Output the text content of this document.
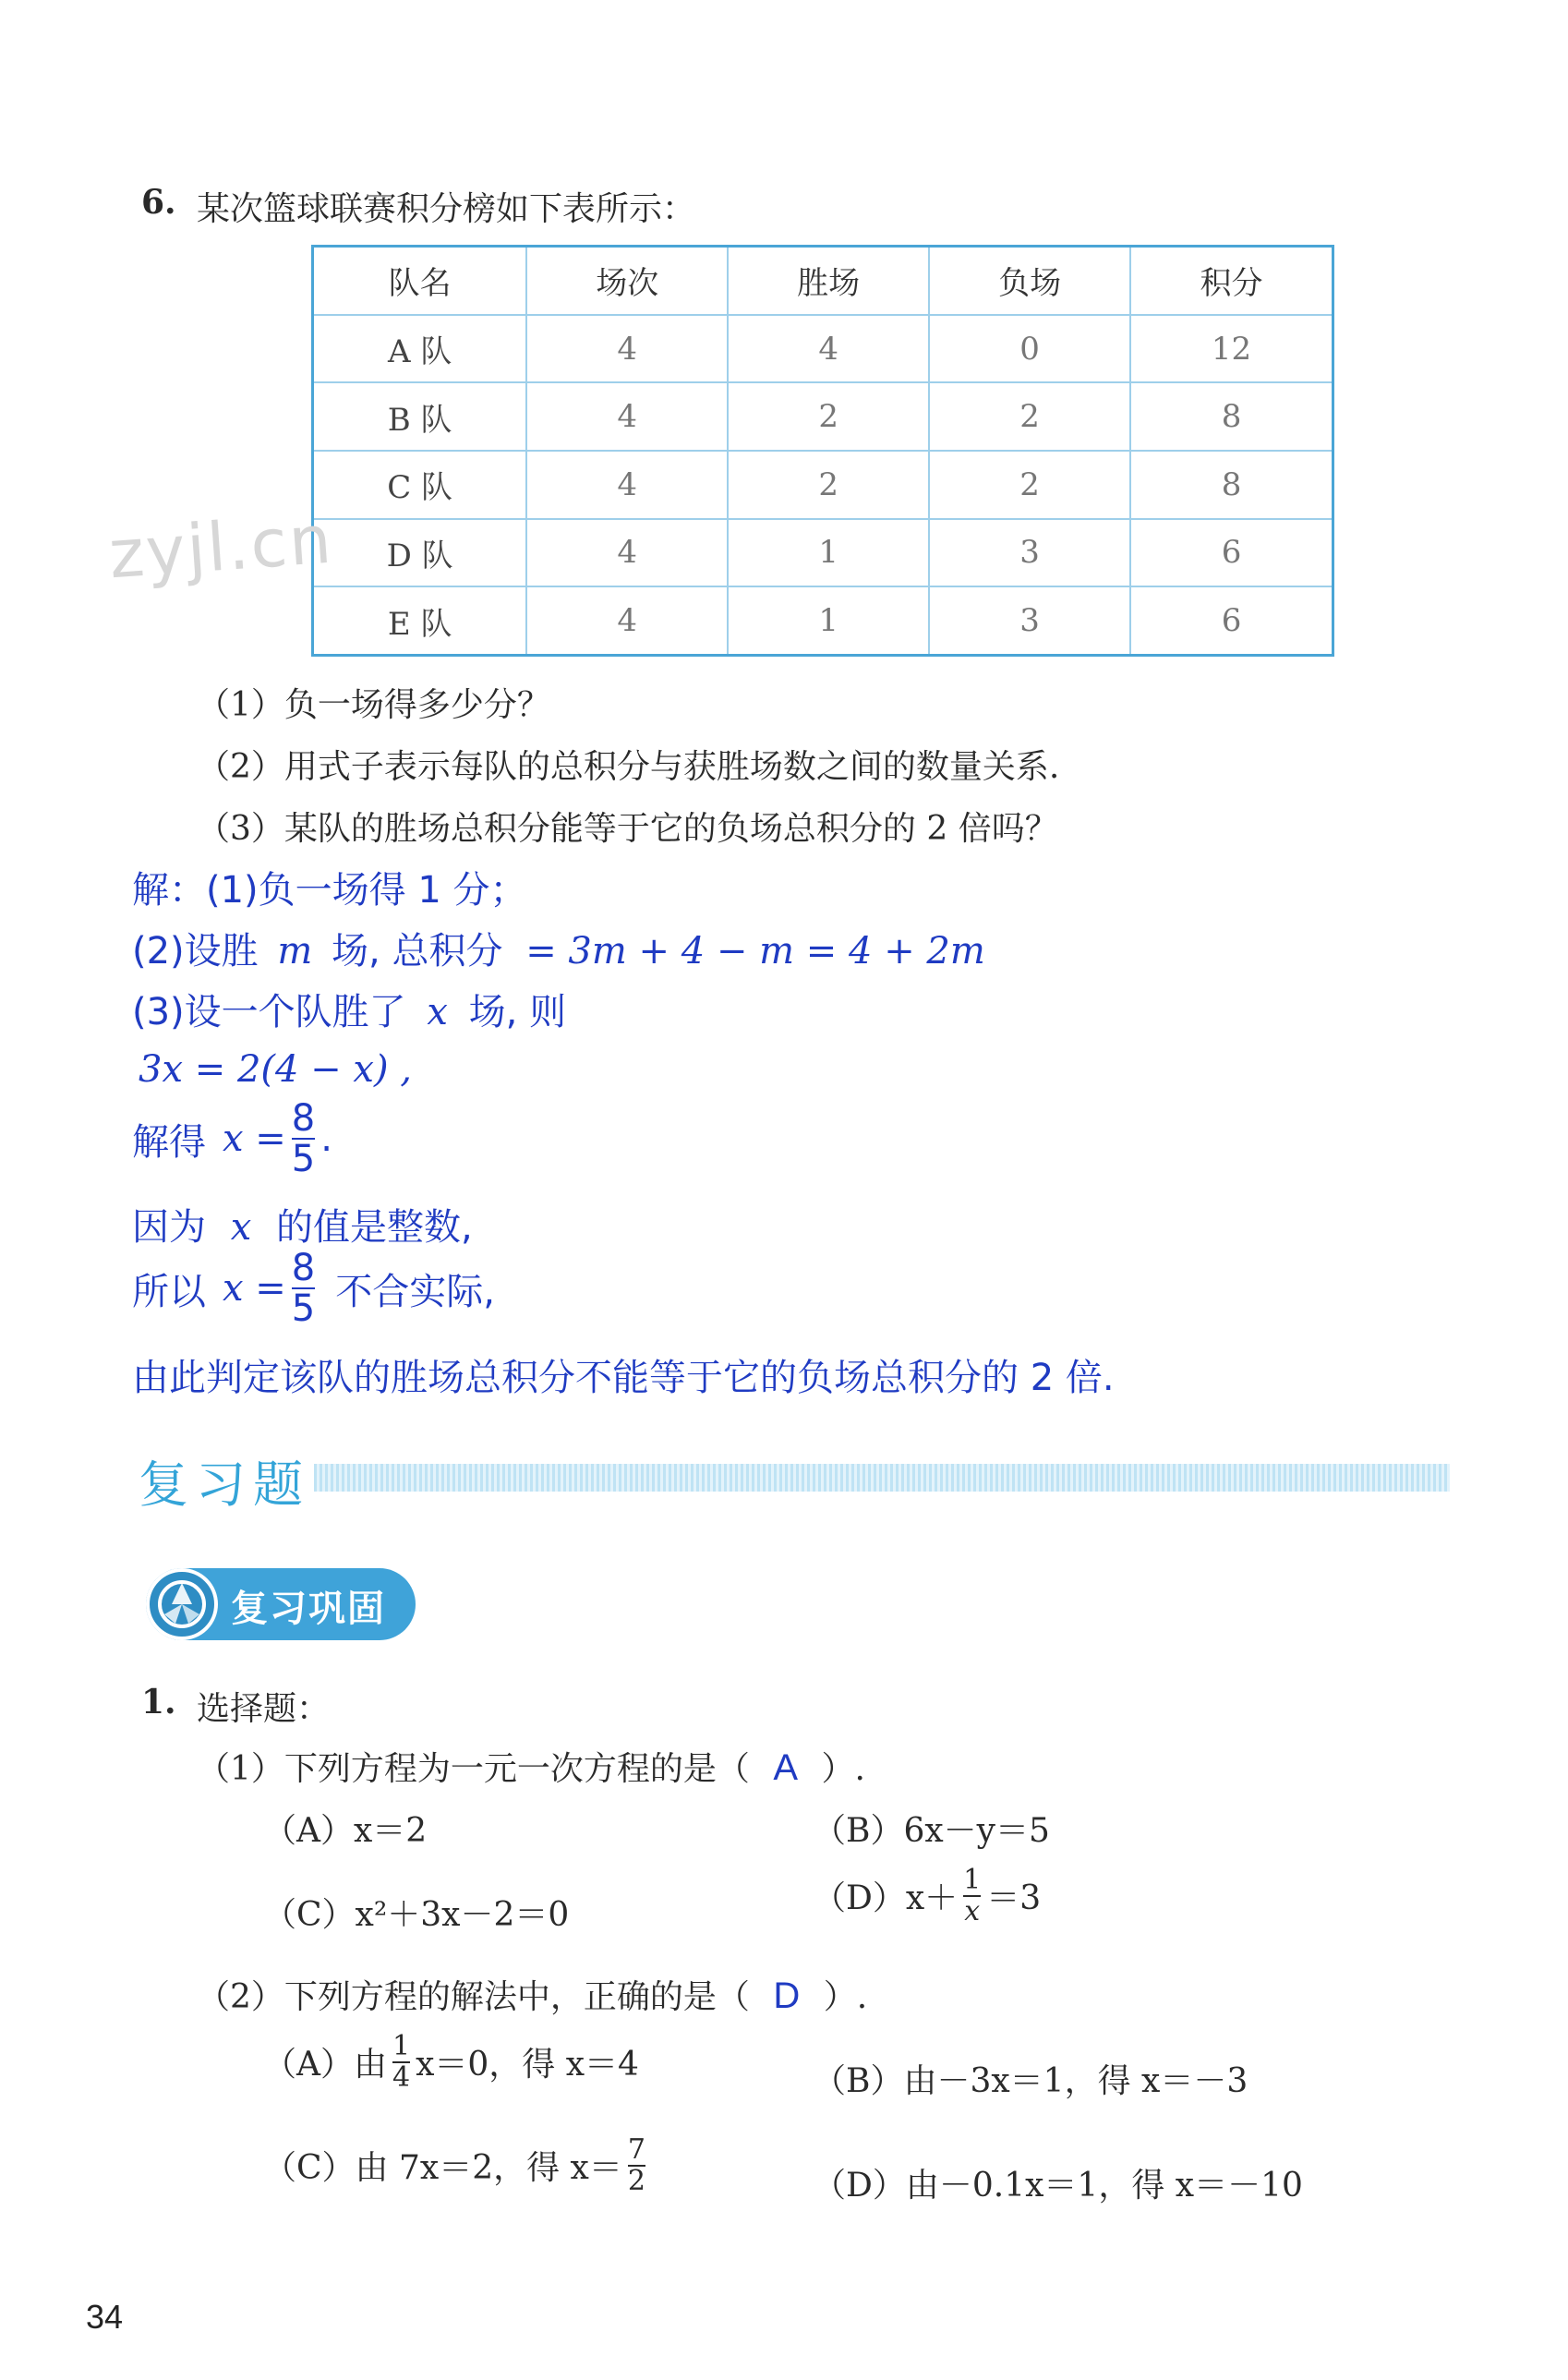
6. 某次篮球联赛积分榜如下表所示：
队名	场次	胜场	负场	积分
A 队	4	4	0	12
B 队	4	2	2	8
C 队	4	2	2	8
D 队	4	1	3	6
E 队	4	1	3	6
zyjl.cn
（1）负一场得多少分？
（2）用式子表示每队的总积分与获胜场数之间的数量关系.
（3）某队的胜场总积分能等于它的负场总积分的 2 倍吗？
解：(1)负一场得 1 分；
(2)设胜 m 场, 总积分 = 3m + 4 − m = 4 + 2m
(3)设一个队胜了 x 场, 则
3x = 2(4 − x) ,
解得 $x = \frac{8}{5}$ .
因为 x 的值是整数,
所以 $x = \frac{8}{5}$ 不合实际,
由此判定该队的胜场总积分不能等于它的负场总积分的 2 倍.
复习题
复习巩固
1. 选择题：
（1）下列方程为一元一次方程的是（ A ）.
（A）x＝2	（B）6x－y＝5
（C）x²＋3x－2＝0	$(D)x+ \frac{1}{x} =3$
（2）下列方程的解法中，正确的是（ D ）.
（A）由 $\frac{1}{4} x=0$，得 x＝4	（B）由－3x＝1，得 x＝－3
（C）由 7x＝2，得 $x= \frac{7}{2}$	（D）由－0.1x＝1，得 x＝－10
34
